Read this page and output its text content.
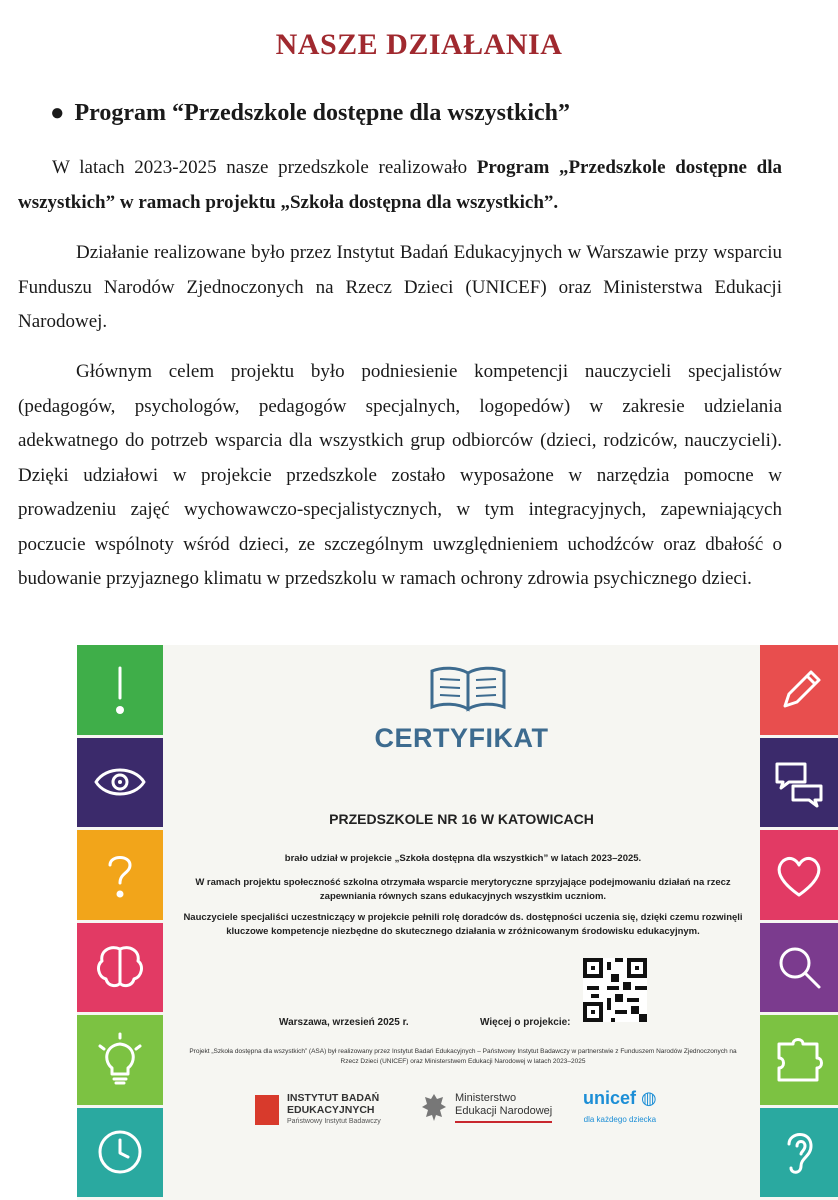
NASZE DZIAŁANIA
● Program “Przedszkole dostępne dla wszystkich”
W latach 2023-2025 nasze przedszkole realizowało Program „Przedszkole dostępne dla wszystkich” w ramach projektu „Szkoła dostępna dla wszystkich”.
Działanie realizowane było przez Instytut Badań Edukacyjnych w Warszawie przy wsparciu Funduszu Narodów Zjednoczonych na Rzecz Dzieci (UNICEF) oraz Ministerstwa Edukacji Narodowej.
Głównym celem projektu było podniesienie kompetencji nauczycieli specjalistów (pedagogów, psychologów, pedagogów specjalnych, logopedów) w zakresie udzielania adekwatnego do potrzeb wsparcia dla wszystkich grup odbiorców (dzieci, rodziców, nauczycieli). Dzięki udziałowi w projekcie przedszkole zostało wyposażone w narzędzia pomocne w prowadzeniu zajęć wychowawczo-specjalistycznych, w tym integracyjnych, zapewniających poczucie wspólnoty wśród dzieci, ze szczególnym uwzględnieniem uchodźców oraz dbałość o budowanie przyjaznego klimatu w przedszkolu w ramach ochrony zdrowia psychicznego dzieci.
CERTYFIKAT
PRZEDSZKOLE NR 16 W KATOWICACH
brało udział w projekcie „Szkoła dostępna dla wszystkich” w latach 2023–2025.
W ramach projektu społeczność szkolna otrzymała wsparcie merytoryczne sprzyjające podejmowaniu działań na rzecz zapewniania równych szans edukacyjnych wszystkim uczniom.
Nauczyciele specjaliści uczestniczący w projekcie pełnili rolę doradców ds. dostępności uczenia się, dzięki czemu rozwinęli kluczowe kompetencje niezbędne do skutecznego działania w zróżnicowanym środowisku edukacyjnym.
Warszawa, wrzesień 2025 r.	Więcej o projekcie:
Projekt „Szkoła dostępna dla wszystkich” (ASA) był realizowany przez Instytut Badań Edukacyjnych – Państwowy Instytut Badawczy w partnerstwie z Funduszem Narodów Zjednoczonych na Rzecz Dzieci (UNICEF) oraz Ministerstwem Edukacji Narodowej w latach 2023–2025
INSTYTUT BADAŃ
EDUKACYJNYCH
Państwowy Instytut Badawczy
Ministerstwo
Edukacji Narodowej
unicef ◍
dla każdego dziecka
